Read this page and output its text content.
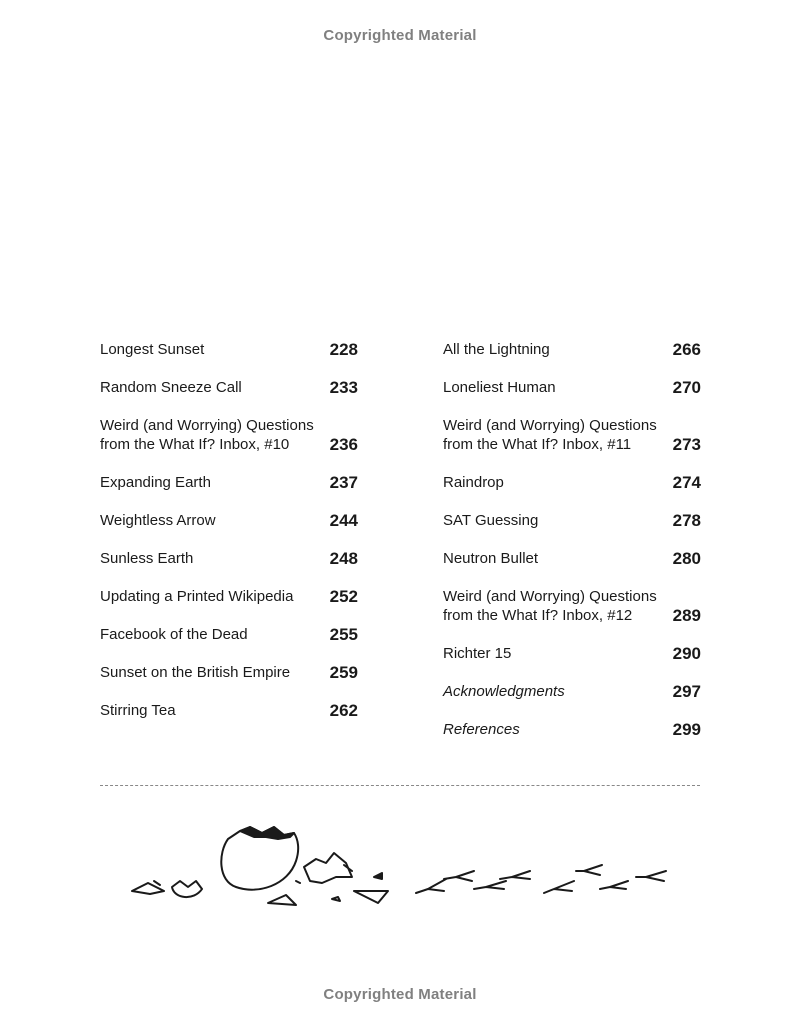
Copyrighted Material
Longest Sunset	228
Random Sneeze Call	233
Weird (and Worrying) Questions from the What If? Inbox, #10	236
Expanding Earth	237
Weightless Arrow	244
Sunless Earth	248
Updating a Printed Wikipedia	252
Facebook of the Dead	255
Sunset on the British Empire	259
Stirring Tea	262
All the Lightning	266
Loneliest Human	270
Weird (and Worrying) Questions from the What If? Inbox, #11	273
Raindrop	274
SAT Guessing	278
Neutron Bullet	280
Weird (and Worrying) Questions from the What If? Inbox, #12	289
Richter 15	290
Acknowledgments	297
References	299
Copyrighted Material
